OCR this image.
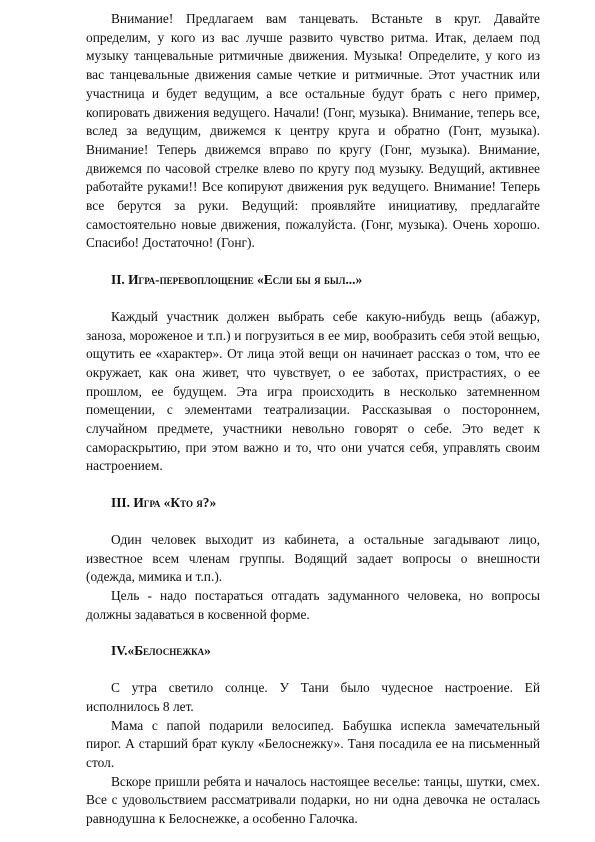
Внимание! Предлагаем вам танцевать. Встаньте в круг. Давайте определим, у кого из вас лучше развито чувство ритма. Итак, делаем под музыку танцевальные ритмичные движения. Музыка! Определите, у кого из вас танцевальные движения самые четкие и ритмичные. Этот участник или участница и будет ведущим, а все остальные будут брать с него пример, копировать движения ведущего. Начали! (Гонг, музыка). Внимание, теперь все, вслед за ведущим, движемся к центру круга и обратно (Гонт, музыка). Внимание! Теперь движемся вправо по кругу (Гонг, музыка). Внимание, движемся по часовой стрелке влево по кругу под музыку. Ведущий, активнее работайте руками!! Все копируют движения рук ведущего. Внимание! Теперь все берутся за руки. Ведущий: проявляйте инициативу, предлагайте самостоятельно новые движения, пожалуйста. (Гонг, музыка). Очень хорошо. Спасибо! Достаточно! (Гонг).

II. Игра-перевоплощение «Если бы я был...»

Каждый участник должен выбрать себе какую-нибудь вещь (абажур, заноза, мороженое и т.п.) и погрузиться в ее мир, вообразить себя этой вещью, ощутить ее «характер». От лица этой вещи он начинает рассказ о том, что ее окружает, как она живет, что чувствует, о ее заботах, пристрастиях, о ее прошлом, ее будущем. Эта игра происходить в несколько затемненном помещении, с элементами театрализации. Рассказывая о постороннем, случайном предмете, участники невольно говорят о себе. Это ведет к самораскрытию, при этом важно и то, что они учатся себя, управлять своим настроением.

III. Игра «Кто я?»

Один человек выходит из кабинета, а остальные загадывают лицо, известное всем членам группы. Водящий задает вопросы о внешности (одежда, мимика и т.п.).

Цель - надо постараться отгадать задуманного человека, но вопросы должны задаваться в косвенной форме.

IV.«Белоснежка»

С утра светило солнце. У Тани было чудесное настроение. Ей исполнилось 8 лет.

Мама с папой подарили велосипед. Бабушка испекла замечательный пирог. А старший брат куклу «Белоснежку». Таня посадила ее на письменный стол.

Вскоре пришли ребята и началось настоящее веселье: танцы, шутки, смех. Все с удовольствием рассматривали подарки, но ни одна девочка не осталась равнодушна к Белоснежке, а особенно Галочка.
